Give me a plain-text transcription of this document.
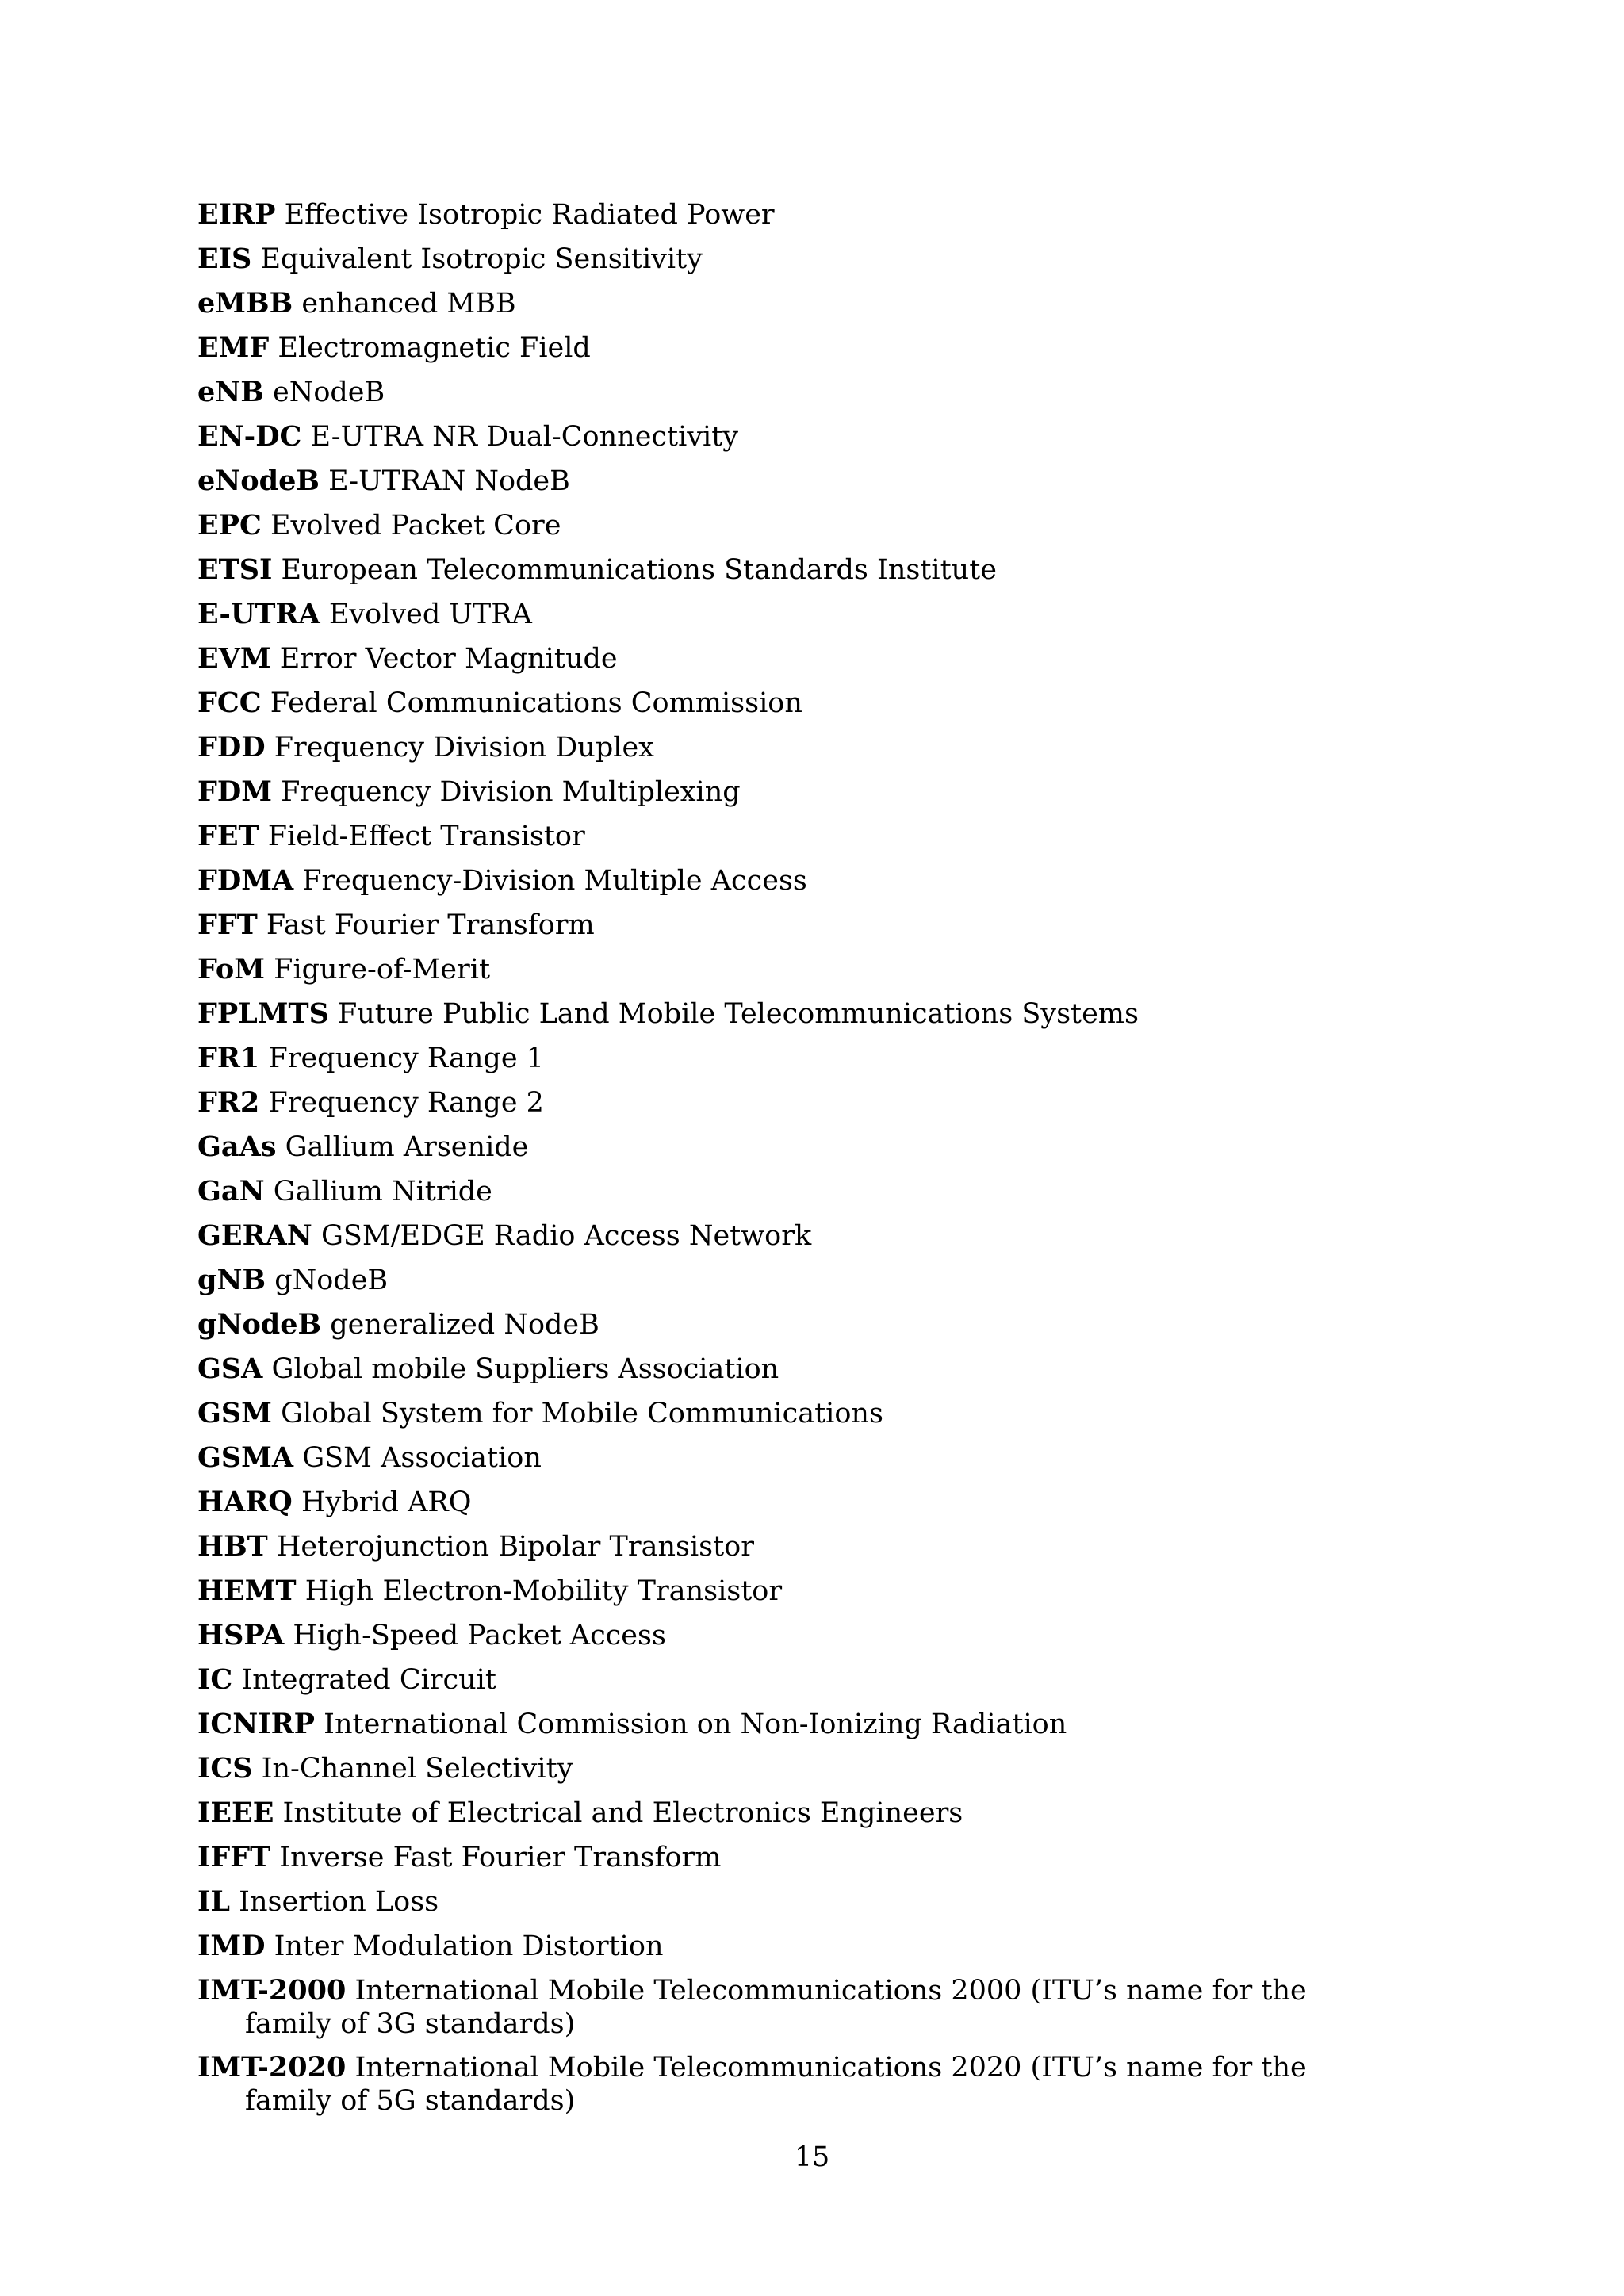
EIRP Effective Isotropic Radiated Power
EIS Equivalent Isotropic Sensitivity
eMBB enhanced MBB
EMF Electromagnetic Field
eNB eNodeB
EN-DC E-UTRA NR Dual-Connectivity
eNodeB E-UTRAN NodeB
EPC Evolved Packet Core
ETSI European Telecommunications Standards Institute
E-UTRA Evolved UTRA
EVM Error Vector Magnitude
FCC Federal Communications Commission
FDD Frequency Division Duplex
FDM Frequency Division Multiplexing
FET Field-Effect Transistor
FDMA Frequency-Division Multiple Access
FFT Fast Fourier Transform
FoM Figure-of-Merit
FPLMTS Future Public Land Mobile Telecommunications Systems
FR1 Frequency Range 1
FR2 Frequency Range 2
GaAs Gallium Arsenide
GaN Gallium Nitride
GERAN GSM/EDGE Radio Access Network
gNB gNodeB
gNodeB generalized NodeB
GSA Global mobile Suppliers Association
GSM Global System for Mobile Communications
GSMA GSM Association
HARQ Hybrid ARQ
HBT Heterojunction Bipolar Transistor
HEMT High Electron-Mobility Transistor
HSPA High-Speed Packet Access
IC Integrated Circuit
ICNIRP International Commission on Non-Ionizing Radiation
ICS In-Channel Selectivity
IEEE Institute of Electrical and Electronics Engineers
IFFT Inverse Fast Fourier Transform
IL Insertion Loss
IMD Inter Modulation Distortion
IMT-2000 International Mobile Telecommunications 2000 (ITU’s name for the family of 3G standards)
IMT-2020 International Mobile Telecommunications 2020 (ITU’s name for the family of 5G standards)
15
